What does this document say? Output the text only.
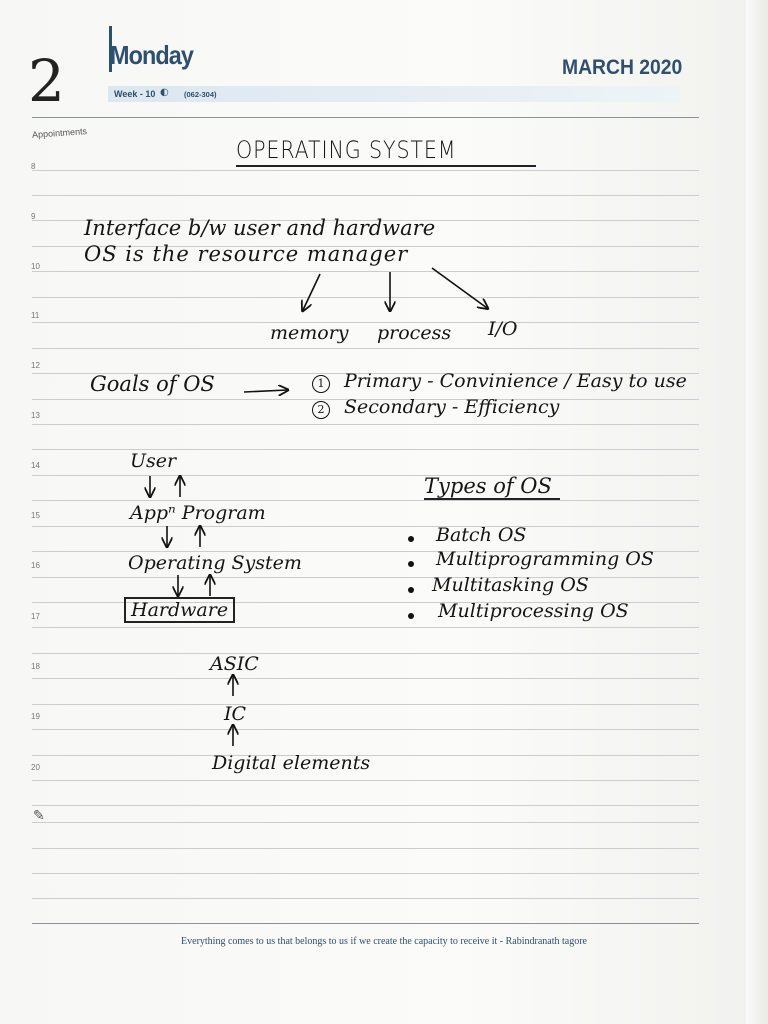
2 Monday	MARCH 2020
Week - 10 ◐ (062-304)
Appointments
8
9
10
11
12
13
14
15
16
17
18
19
20
OPERATING SYSTEM
Interface b/w user and hardware
OS is the resource manager
memory process I/O
Goals of OS	1 Primary - Convinience / Easy to use
2 Secondary - Efficiency
User
Appⁿ Program
Operating System
Hardware
ASIC
IC
Digital elements
Types of OS
Batch OS
Multiprogramming OS
Multitasking OS
Multiprocessing OS
✎
Everything comes to us that belongs to us if we create the capacity to receive it - Rabindranath tagore
